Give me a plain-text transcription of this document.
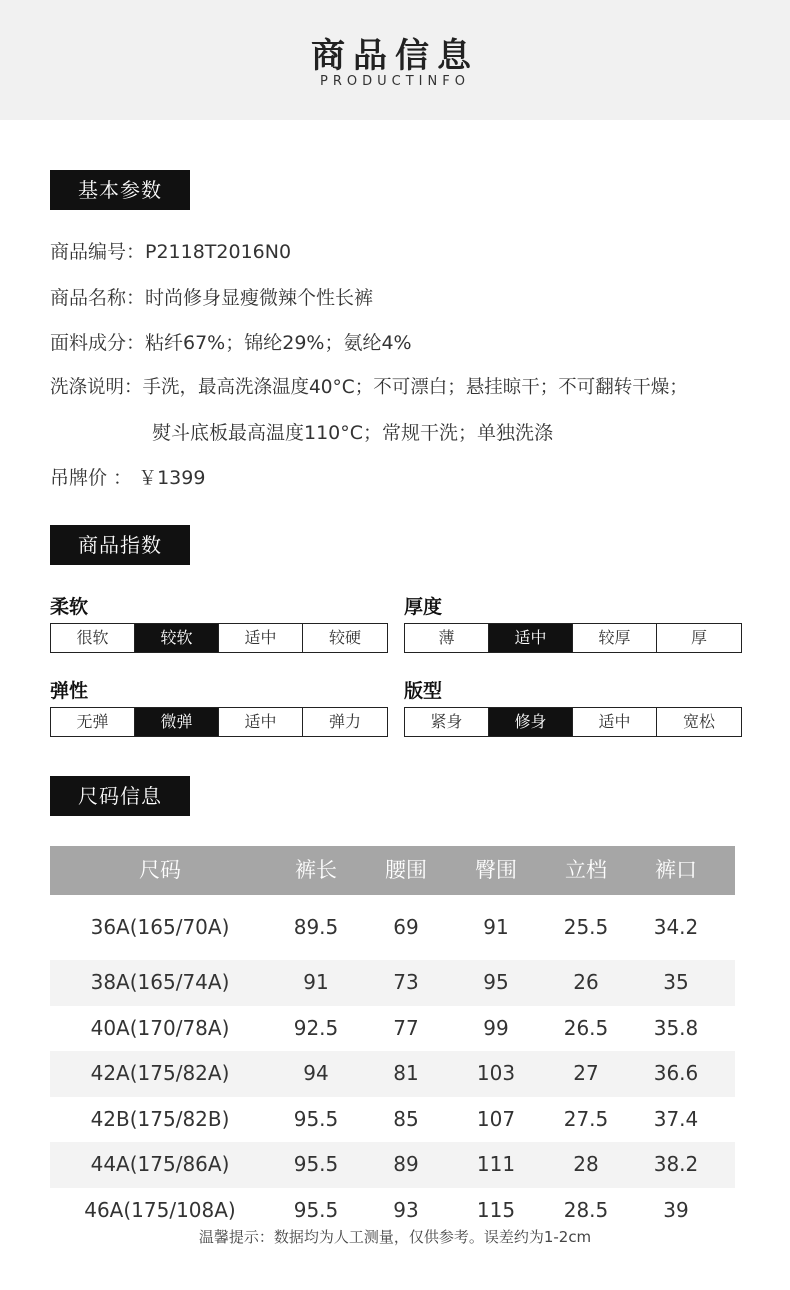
商品信息
PRODUCTINFO
基本参数
商品编号：P2118T2016N0
商品名称：时尚修身显瘦微辣个性长裤
面料成分：粘纤67%；锦纶29%；氨纶4%
洗涤说明：手洗，最高洗涤温度40°C；不可漂白；悬挂晾干；不可翻转干燥；
熨斗底板最高温度110°C；常规干洗；单独洗涤
吊牌价 ： ￥1399
商品指数
柔软
很软	较软	适中	较硬
厚度
薄	适中	较厚	厚
弹性
无弹	微弹	适中	弹力
版型
紧身	修身	适中	宽松
尺码信息
尺码	裤长	腰围	臀围	立档	裤口
36A(165/70A)	89.5	69	91	25.5	34.2
38A(165/74A)	91	73	95	26	35
40A(170/78A)	92.5	77	99	26.5	35.8
42A(175/82A)	94	81	103	27	36.6
42B(175/82B)	95.5	85	107	27.5	37.4
44A(175/86A)	95.5	89	111	28	38.2
46A(175/108A)	95.5	93	115	28.5	39
温馨提示：数据均为人工测量，仅供参考。误差约为1-2cm
